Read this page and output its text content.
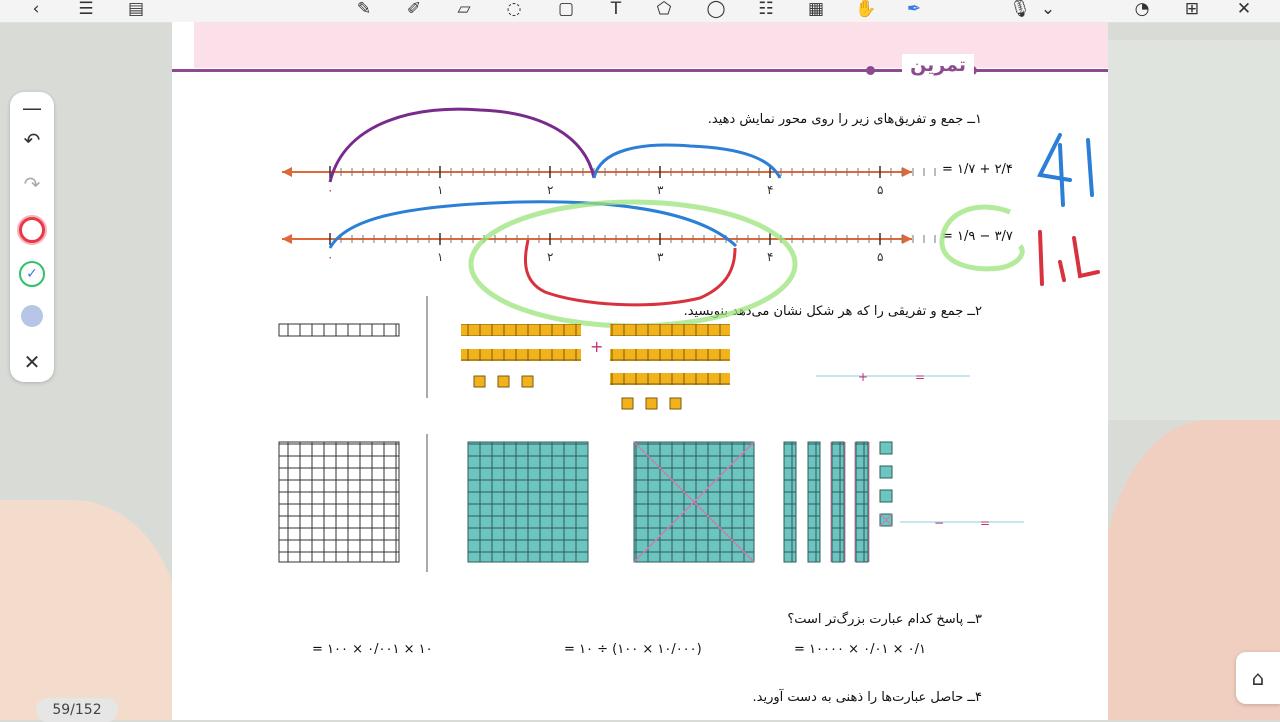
‹	☰ ▤	✎ ✐	▱	◌ ▢	T	⬠ ◯ ☷ ▦ ✋ ✒	🎙 ⌄	◔ ⊞ ✕
تمرین
۱ــ جمع و تفریق‌های زیر را روی محور نمایش دهید.
۲/۴ + ۱/۷ =
۳/۷ − ۱/۹ =
۲ــ جمع و تفریقی را که هر شکل نشان می‌دهد بنویسید.
۳ــ پاسخ کدام عبارت بزرگ‌تر است؟
۰/۱ × ۰/۰۱ × ۱۰۰۰۰ =
(۱۰/۰۰۰ × ۱۰۰) ÷ ۱۰ =
۱۰ × ۰/۰۰۱ × ۱۰۰ =
۴ــ حاصل عبارت‌ها را ذهنی به دست آورید.
۰	۱	۲	۳	۴	۵
۰	۱	۲	۳	۴	۵
+
+	=
−	=
—
↶
↷
✓
✕
59/152
⌂
